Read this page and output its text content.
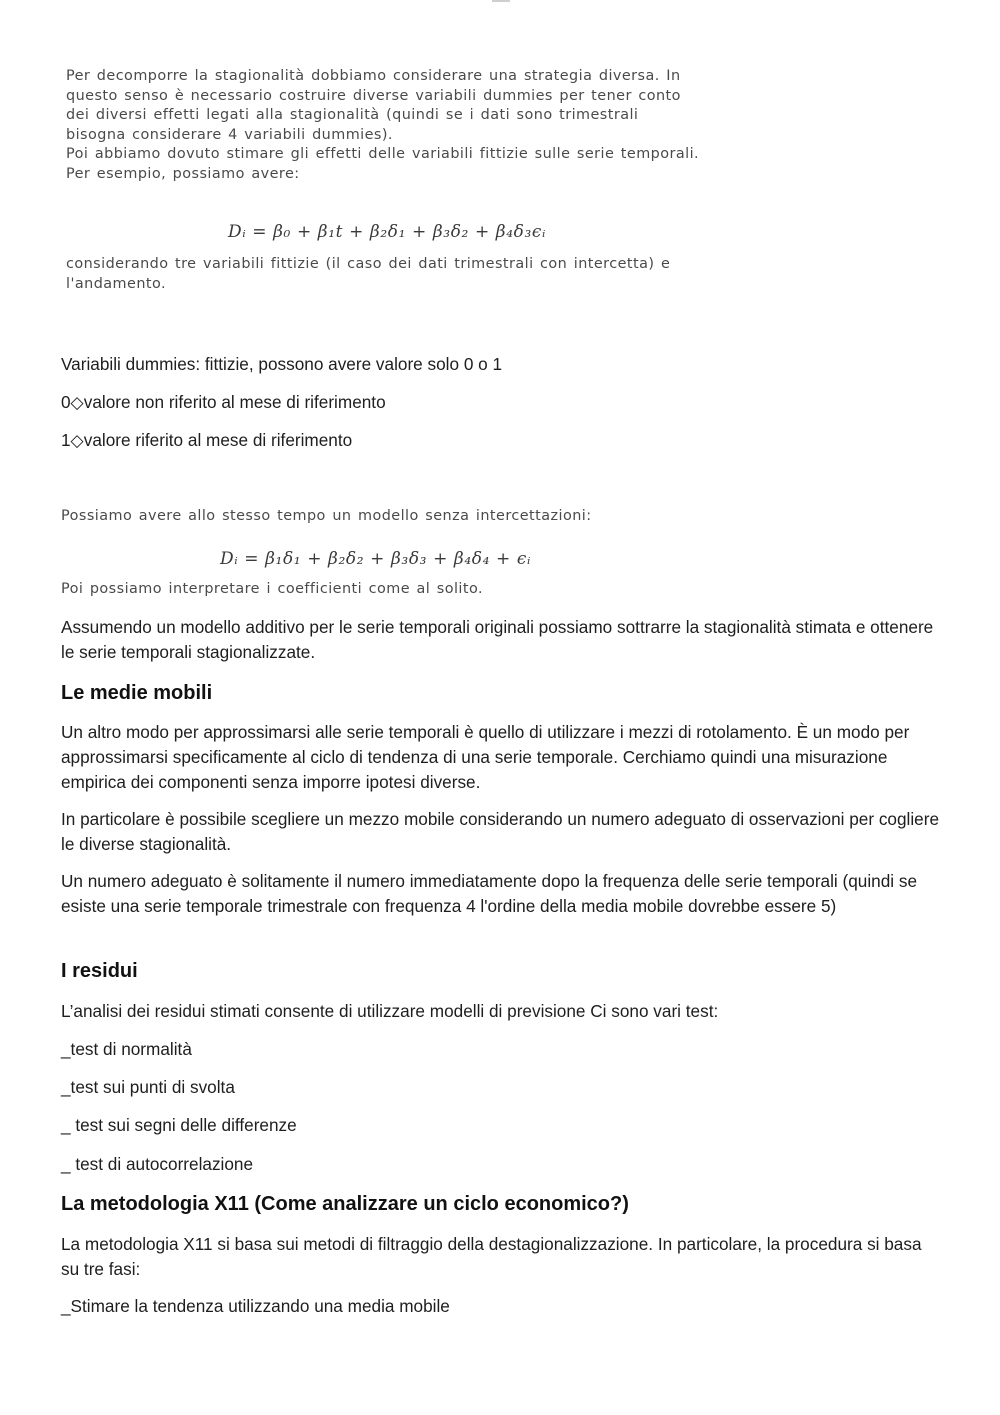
Per decomporre la stagionalità dobbiamo considerare una strategia diversa. In

questo senso è necessario costruire diverse variabili dummies per tener conto

dei diversi effetti legati alla stagionalità (quindi se i dati sono trimestrali

bisogna considerare 4 variabili dummies).

Poi abbiamo dovuto stimare gli effetti delle variabili fittizie sulle serie temporali.

Per esempio, possiamo avere:

Dᵢ = β₀ + β₁t + β₂δ₁ + β₃δ₂ + β₄δ₃ϵᵢ

considerando tre variabili fittizie (il caso dei dati trimestrali con intercetta) e

l'andamento.

Variabili dummies: fittizie, possono avere valore solo 0 o 1

0◇valore non riferito al mese di riferimento

1◇valore riferito al mese di riferimento

Possiamo avere allo stesso tempo un modello senza intercettazioni:

Dᵢ = β₁δ₁ + β₂δ₂ + β₃δ₃ + β₄δ₄ + ϵᵢ

Poi possiamo interpretare i coefficienti come al solito.

Assumendo un modello additivo per le serie temporali originali possiamo sottrarre la stagionalità stimata e ottenere le serie temporali stagionalizzate.

Le medie mobili

Un altro modo per approssimarsi alle serie temporali è quello di utilizzare i mezzi di rotolamento. È un modo per approssimarsi specificamente al ciclo di tendenza di una serie temporale. Cerchiamo quindi una misurazione empirica dei componenti senza imporre ipotesi diverse.

In particolare è possibile scegliere un mezzo mobile considerando un numero adeguato di osservazioni per cogliere le diverse stagionalità.

Un numero adeguato è solitamente il numero immediatamente dopo la frequenza delle serie temporali (quindi se esiste una serie temporale trimestrale con frequenza 4 l'ordine della media mobile dovrebbe essere 5)

I residui

L’analisi dei residui stimati consente di utilizzare modelli di previsione Ci sono vari test:

_test di normalità

_test sui punti di svolta

_ test sui segni delle differenze

_ test di autocorrelazione

La metodologia X11 (Come analizzare un ciclo economico?)

La metodologia X11 si basa sui metodi di filtraggio della destagionalizzazione. In particolare, la procedura si basa su tre fasi:

_Stimare la tendenza utilizzando una media mobile
